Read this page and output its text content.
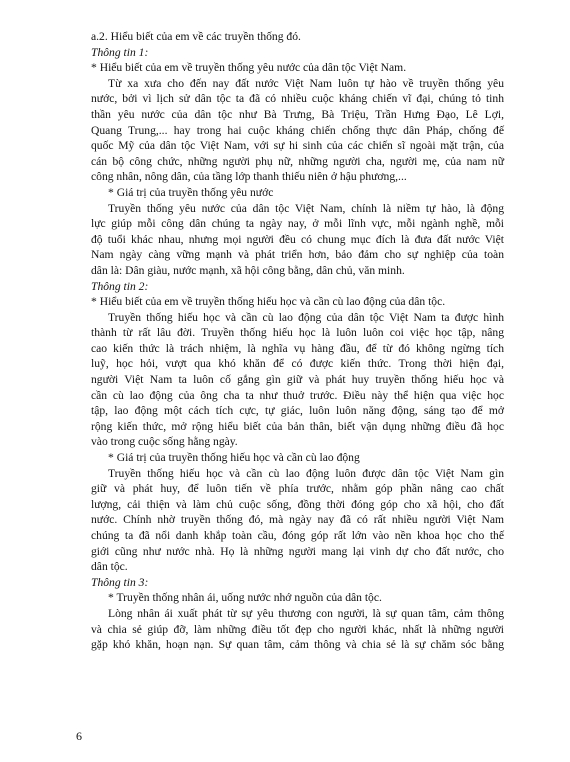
a.2. Hiểu biết của em về các truyền thống đó.
Thông tin 1:
* Hiểu biết của em về truyền thống yêu nước của dân tộc Việt Nam.
Từ xa xưa cho đến nay đất nước Việt Nam luôn tự hào về truyền thống yêu
nước, bởi vì lịch sử dân tộc ta đã có nhiều cuộc kháng chiến vĩ đại, chúng tỏ tinh
thần yêu nước của dân tộc như Bà Trưng, Bà Triệu, Trần Hưng Đạo, Lê Lợi,
Quang Trung,... hay trong hai cuộc kháng chiến chống thực dân Pháp, chống đế
quốc Mỹ của dân tộc Việt Nam, với sự hi sinh của các chiến sĩ ngoài mặt trận, của
cán bộ công chức, những người phụ nữ, những người cha, người mẹ, của nam nữ
công nhân, nông dân, của tầng lớp thanh thiếu niên ở hậu phương,...
* Giá trị của truyền thống yêu nước
Truyền thống yêu nước của dân tộc Việt Nam, chính là niềm tự hào, là động
lực giúp mỗi công dân chúng ta ngày nay, ở mỗi lĩnh vực, mỗi ngành nghề, mỗi
độ tuổi khác nhau, nhưng mọi người đều có chung mục đích là đưa đất nước Việt
Nam ngày càng vững mạnh và phát triển hơn, bảo đảm cho sự nghiệp của toàn
dân là: Dân giàu, nước mạnh, xã hội công bằng, dân chủ, văn minh.
Thông tin 2:
* Hiểu biết của em về truyền thống hiếu học và cần cù lao động của dân tộc.
Truyền thống hiếu học và cần cù lao động của dân tộc Việt Nam ta được hình
thành từ rất lâu đời. Truyền thống hiếu học là luôn luôn coi việc học tập, nâng
cao kiến thức là trách nhiệm, là nghĩa vụ hàng đầu, để từ đó không ngừng tích
luỹ, học hỏi, vượt qua khó khăn để có được kiến thức. Trong thời hiện đại,
người Việt Nam ta luôn cố gắng gìn giữ và phát huy truyền thống hiếu học và
cần cù lao động của ông cha ta như thuở trước. Điều này thể hiện qua việc học
tập, lao động một cách tích cực, tự giác, luôn luôn năng động, sáng tạo để mở
rộng kiến thức, mở rộng hiểu biết của bản thân, biết vận dụng những điều đã học
vào trong cuộc sống hằng ngày.
* Giá trị của truyền thống hiếu học và cần cù lao động
Truyền thống hiếu học và cần cù lao động luôn được dân tộc Việt Nam gìn
giữ và phát huy, để luôn tiến về phía trước, nhằm góp phần nâng cao chất
lượng, cải thiện và làm chủ cuộc sống, đồng thời đóng góp cho xã hội, cho đất
nước. Chính nhờ truyền thống đó, mà ngày nay đã có rất nhiều người Việt Nam
chúng ta đã nổi danh khắp toàn cầu, đóng góp rất lớn vào nền khoa học cho thế
giới cũng như nước nhà. Họ là những người mang lại vinh dự cho đất nước, cho
dân tộc.
Thông tin 3:
* Truyền thống nhân ái, uống nước nhớ nguồn của dân tộc.
Lòng nhân ái xuất phát từ sự yêu thương con người, là sự quan tâm, cảm thông
và chia sẻ giúp đỡ, làm những điều tốt đẹp cho người khác, nhất là những người
gặp khó khăn, hoạn nạn. Sự quan tâm, cảm thông và chia sẻ là sự chăm sóc bằng
6
